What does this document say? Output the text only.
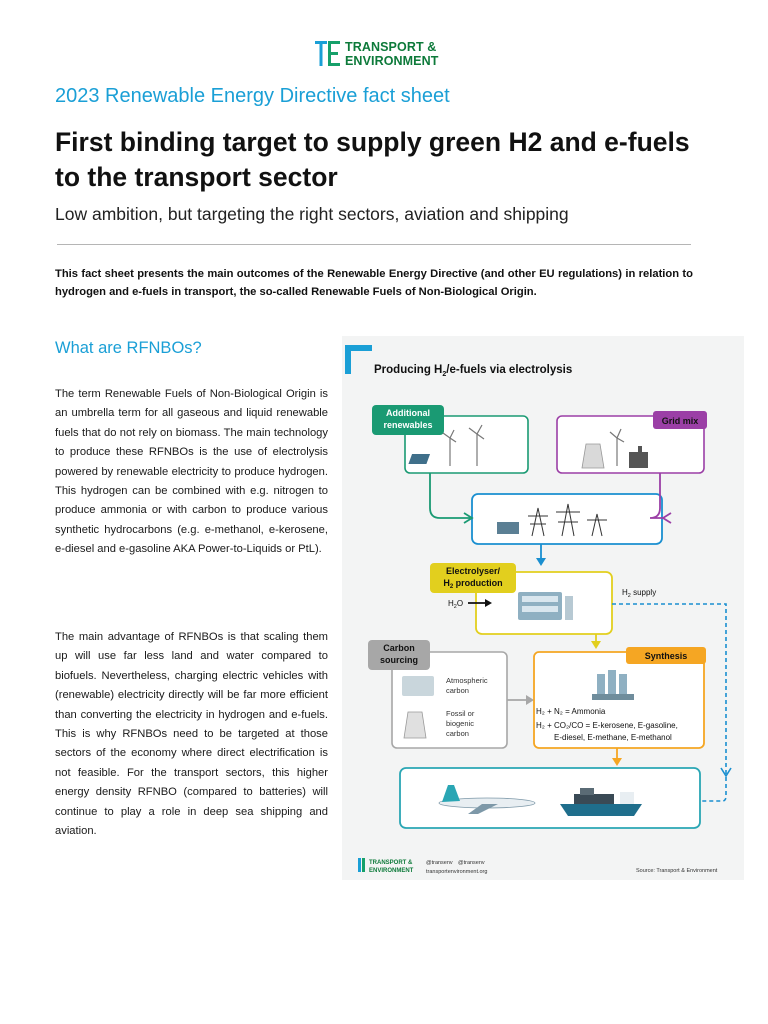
TRANSPORT &
ENVIRONMENT
2023 Renewable Energy Directive fact sheet
First binding target to supply green H2 and e-fuels to the transport sector
Low ambition, but targeting the right sectors, aviation and shipping
This fact sheet presents the main outcomes of the Renewable Energy Directive (and other EU regulations) in relation to hydrogen and e-fuels in transport, the so-called Renewable Fuels of Non-Biological Origin.
What are RFNBOs?
The term Renewable Fuels of Non-Biological Origin is an umbrella term for all gaseous and liquid renewable fuels that do not rely on biomass. The main technology to produce these RFNBOs is the use of electrolysis powered by renewable electricity to produce hydrogen. This hydrogen can be combined with e.g. nitrogen to produce ammonia or with carbon to produce various synthetic hydrocarbons (e.g. e-methanol, e-kerosene, e-diesel and e-gasoline AKA Power-to-Liquids or PtL).
The main advantage of RFNBOs is that scaling them up will use far less land and water compared to biofuels. Nevertheless, charging electric vehicles with (renewable) electricity directly will be far more efficient than converting the electricity in hydrogen and e-fuels. This is why RFNBOs need to be targeted at those sectors of the economy where direct electrification is not feasible. For the transport sectors, this higher energy density RFNBO (compared to batteries) will continue to play a role in deep sea shipping and aviation.
Producing $H_2/e$-fuels via electrolysis
Additional
renewables	Grid mix
Electrolyser/
$H_2$ production
$H_2O$
$H_2$ supply
Carbon
sourcing
Atmospheric
carbon
Fossil or
biogenic
carbon
Synthesis
H₂ + N₂ = Ammonia
H₂ + CO₂/CO = E-kerosene, E-gasoline,
E-diesel, E-methane, E-methanol
TRANSPORT &
ENVIRONMENT
@transenv @transenv
transportenvironment.org	Source: Transport & Environment
